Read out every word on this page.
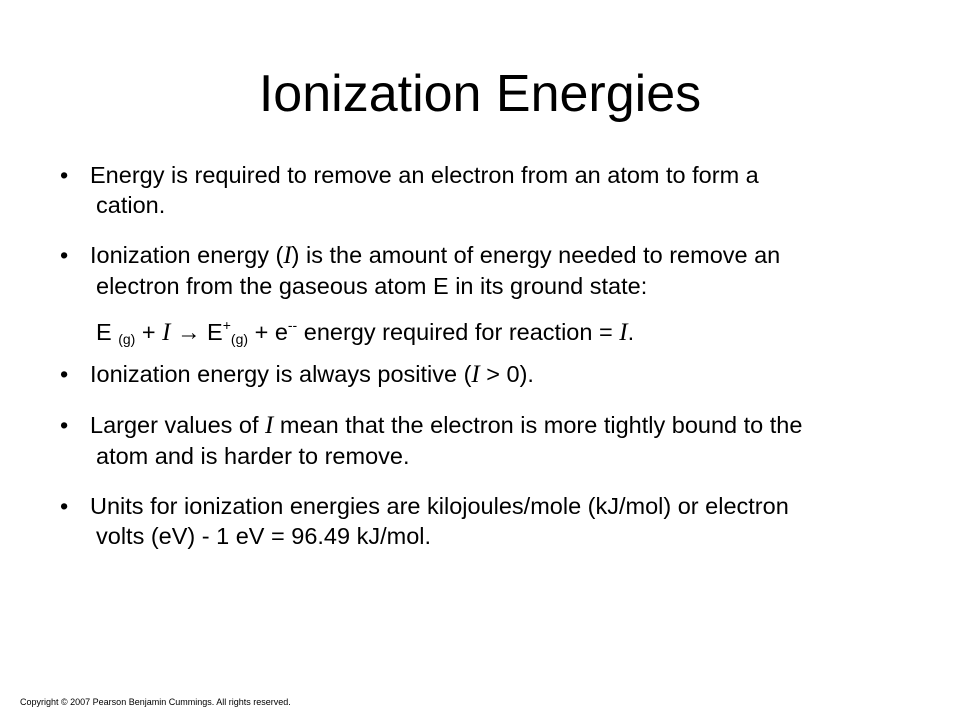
Ionization Energies
• Energy is required to remove an electron from an atom to form a
cation.
• Ionization energy (I) is the amount of energy needed to remove an
electron from the gaseous atom E in its ground state:
E $_{(g)} + I \to E^+_{(g)} + e^{--}$ energy required for reaction = I.
• Ionization energy is always positive (I > 0).
• Larger values of I mean that the electron is more tightly bound to the
atom and is harder to remove.
• Units for ionization energies are kilojoules/mole (kJ/mol) or electron
volts (eV) - 1 eV = 96.49 kJ/mol.
Copyright © 2007 Pearson Benjamin Cummings. All rights reserved.
